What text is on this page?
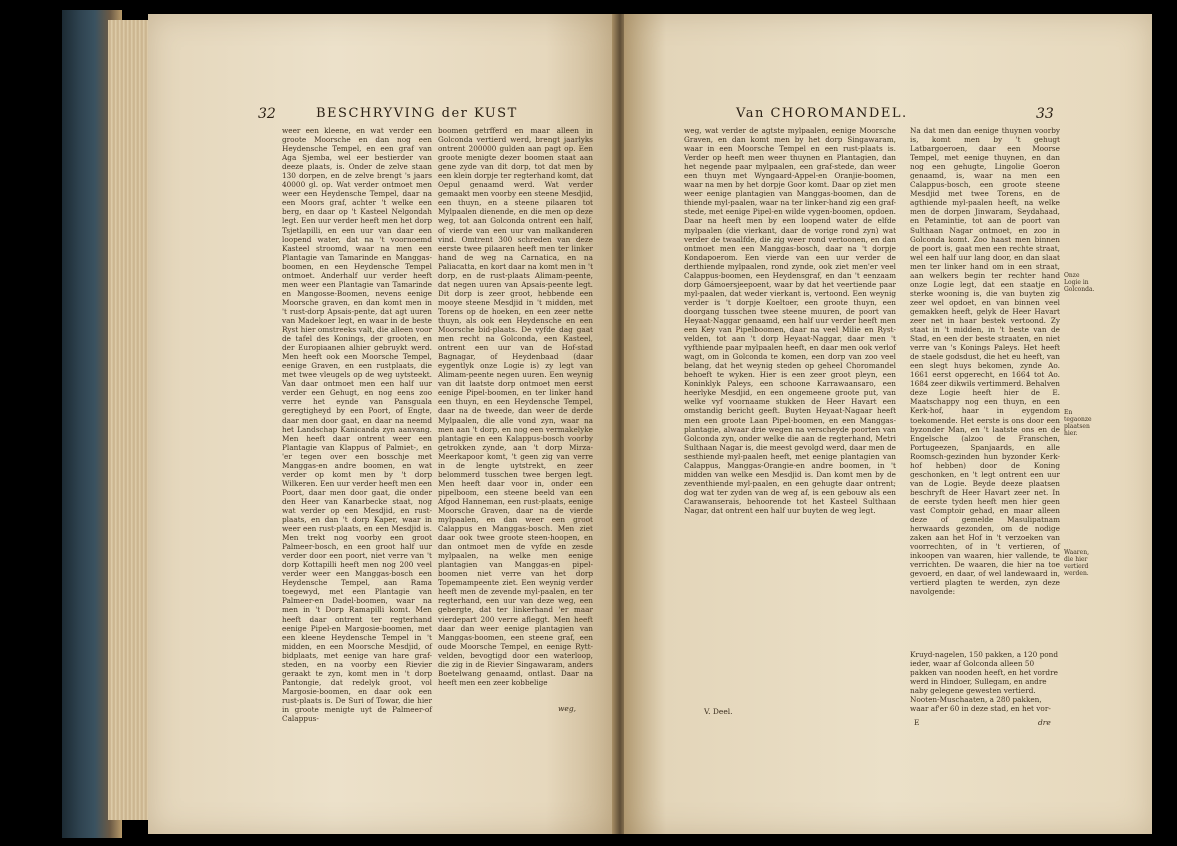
32	BESCHRYVING der KUST

weer een kleene, en wat verder een groote Moorsche en dan nog een Heydensche Tempel, en een graf van Aga Sjemba, wel eer bestierder van deeze plaats, is. Onder de zelve staan 130 dorpen, en de zelve brengt 's jaars 40000 gl. op. Wat verder ontmoet men weer een Heydensche Tempel, daar na een Moors graf, achter 't welke een berg, en daar op 't Kasteel Nelgondah legt. Een uur verder heeft men het dorp Tsjetlapilli, en een uur van daar een loopend water, dat na 't voornoemd Kasteel stroomd, waar na men een Plantagie van Tamarinde en Manggas-boomen, en een Heydensche Tempel ontmoet. Anderhalf uur verder heeft men weer een Plantagie van Tamarinde en Mangosse-Boomen, nevens eenige Moorsche graven, en dan komt men in 't rust-dorp Apsais-pente, dat agt uuren van Madekoer legt, en waar in de beste Ryst hier omstreeks valt, die alleen voor de tafel des Konings, der grooten, en der Europiaanen alhier gebruykt werd. Men heeft ook een Moorsche Tempel, eenige Graven, en een rustplaats, die met twee vleugels op de weg uytsteekt. Van daar ontmoet men een half uur verder een Gehugt, en nog eens zoo verre het eynde van Pansguala geregtigheyd by een Poort, of Engte, daar men door gaat, en daar na neemd het Landschap Kanicanda zyn aanvang. Men heeft daar ontrent weer een Plantagie van Klappus of Palmiet-, en 'er tegen over een bosschje met Manggas-en andre boomen, en wat verder op komt men by 't dorp Wilkeren. Een uur verder heeft men een Poort, daar men door gaat, die onder den Heer van Kanarbecke staat, nog wat verder op een Mesdjid, en rust-plaats, en dan 't dorp Kaper, waar in weer een rust-plaats, en een Mesdjid is. Men trekt nog voorby een groot Palmeer-bosch, en een groot half uur verder door een poort, niet verre van 't dorp Kottapilli heeft men nog 200 veel verder weer een Manggas-bosch een Heydensche Tempel, aan Rama toegewyd, met een Plantagie van Palmeer-en Dadel-boomen, waar na men in 't Dorp Ramapilli komt. Men heeft daar ontrent ter regterhand eenige Pipel-en Margosie-boomen, met een kleene Heydensche Tempel in 't midden, en een Moorsche Mesdjid, of bidplaats, met eenige van hare graf-steden, en na voorby een Rievier geraakt te zyn, komt men in 't dorp Pantongie, dat redelyk groot, vol Margosie-boomen, en daar ook een rust-plaats is. De Suri of Towar, die hier in groote menigte uyt de Palmeer-of Calappus-

boomen getrfferd en maar alleen in Golconda vertierd werd, brengt jaarlyks ontrent 200000 gulden aan pagt op. Een groote menigte dezer boomen staat aan gene zyde van dit dorp, tot dat men by een klein dorpje ter regterhand komt, dat Oepul genaamd werd. Wat verder gemaakt men voorby een steene Mesdjid, een thuyn, en a steene pilaaren tot Mylpaalen dienende, en die men op deze weg, tot aan Golconda ontrent een half, of vierde van een uur van malkanderen vind. Omtrent 300 schreden van deze eerste twee pilaaren heeft men ter linker hand de weg na Carnatica, en na Paliacatta, en kort daar na komt men in 't dorp, en de rust-plaats Alimam-peente, dat negen uuren van Apsais-peente legt. Dit dorp is zeer groot, hebbende een mooye steene Mesdjid in 't midden, met Torens op de hoeken, en een zeer nette thuyn, als ook een Heydensche en een Moorsche bid-plaats. De vyfde dag gaat men recht na Golconda, een Kasteel, ontrent een uur van de Hof-stad Bagnagar, of Heydenbaad (daar eygentlyk onze Logie is) zy legt van Alimam-peente negen uuren. Een weynig van dit laatste dorp ontmoet men eerst eenige Pipel-boomen, en ter linker hand een thuyn, en een Heydensche Tempel, daar na de tweede, dan weer de derde Mylpaalen, die alle vond zyn, waar na men aan 't dorp, en nog een vermakelyke plantagie en een Kalappus-bosch voorby getrokken zynde, aan 't dorp Mirza-Meerkapoor komt, 't geen zig van verre in de lengte uytstrekt, en zeer belommerd tusschen twee bergen legt. Men heeft daar voor in, onder een pipelboom, een steene beeld van een Afgod Hanneman, een rust-plaats, eenige Moorsche Graven, daar na de vierde mylpaalen, en dan weer een groot Calappus en Manggas-bosch. Men ziet daar ook twee groote steen-hoopen, en dan ontmoet men de vyfde en zesde mylpaalen, na welke men eenige plantagien van Manggas-en pipel-boomen niet verre van het dorp Topemampeente ziet. Een weynig verder heeft men de zevende myl-paalen, en ter regterhand, een uur van deze weg, een gebergte, dat ter linkerhand 'er maar vierdepart 200 verre afleggt. Men heeft daar dan weer eenige plantagien van Manggas-boomen, een steene graf, een oude Moorsche Tempel, en eenige Rytt-velden, bevogtigd door een waterloop, die zig in de Rievier Singawaram, anders Boetelwang genaamd, ontlast. Daar na heeft men een zeer kobbelige

weg,
Van CHOROMANDEL.	33

weg, wat verder de agtste mylpaalen, eenige Moorsche Graven, en dan komt men by het dorp Singawaram, waar in een Moorsche Tempel en een rust-plaats is. Verder op heeft men weer thuynen en Plantagien, dan het negende paar mylpaalen, een graf-stede, dan weer een thuyn met Wyngaard-Appel-en Oranjie-boomen, waar na men by het dorpje Goor komt. Daar op ziet men weer eenige plantagien van Manggas-boomen, dan de thiende myl-paalen, waar na ter linker-hand zig een graf-stede, met eenige Pipel-en wilde vygen-boomen, opdoen. Daar na heeft men by een loopend water de elfde mylpaalen (die vierkant, daar de vorige rond zyn) wat verder de twaalfde, die zig weer rond vertoonen, en dan ontmoet men een Manggas-bosch, daar na 't dorpje Kondapoerom. Een vierde van een uur verder de derthiende mylpaalen, rond zynde, ook ziet men'er veel Calappus-boomen, een Heydensgraf, en dan 't eenzaam dorp Gámoersjeepoent, waar by dat het veertiende paar myl-paalen, dat weder vierkant is, vertoond. Een weynig verder is 't dorpje Koeltoer, een groote thuyn, een doorgang tusschen twee steene muuren, de poort van Heyaat-Naggar genaamd, een half uur verder heeft men een Key van Pipelboomen, daar na veel Milie en Ryst-velden, tot aan 't dorp Heyaat-Naggar, daar men 't vyfthiende paar mylpaalen heeft, en daar men ook verlof wagt, om in Golconda te komen, een dorp van zoo veel belang, dat het weynig steden op geheel Choromandel behoeft te wyken. Hier is een zeer groot pleyn, een Koninklyk Paleys, een schoone Karrawaansaro, een heerlyke Mesdjid, en een ongemeene groote put, van welke vyf voornaame stukken de Heer Havart een omstandig bericht geeft. Buyten Heyaat-Nagaar heeft men een groote Laan Pipel-boomen, en een Manggas-plantagie, alwaar drie wegen na verscheyde poorten van Golconda zyn, onder welke die aan de regterhand, Metri Sulthaan Nagar is, die meest gevolgd werd, daar men de sesthiende myl-paalen heeft, met eenige plantagien van Calappus, Manggas-Orangie-en andre boomen, in 't midden van welke een Mesdjid is. Dan komt men by de zeventhiende myl-paalen, en een gehugte daar ontrent; dog wat ter zyden van de weg af, is een gebouw als een Carawanserais, behoorende tot het Kasteel Sulthaan Nagar, dat ontrent een half uur buyten de weg legt.

Na dat men dan eenige thuynen voorby is, komt men by 't gehugt Latbargoeroen, daar een Moorse Tempel, met eenige thuynen, en dan nog een gehugte, Lingolie Goeron genaamd, is, waar na men een Calappus-bosch, een groote steene Mesdjid met twee Torens, en de agthiende myl-paalen heeft, na welke men de dorpen Jinwaram, Seydahaad, en Petamintie, tot aan de poort van Sulthaan Nagar ontmoet, en zoo in Golconda komt. Zoo haast men binnen de poort is, gaat men een rechte straat, wel een half uur lang door, en dan slaat men ter linker hand om in een straat, aan welkers begin ter rechter hand onze Logie legt, dat een staatje en sterke wooning is, die van buyten zig zeer wel opdoet, en van binnen veel gemakken heeft, gelyk de Heer Havart zeer net in haar bestek vertoond. Zy staat in 't midden, in 't beste van de Stad, en een der beste straaten, en niet verre van 's Konings Paleys. Het heeft de staele godsdust, die het eu heeft, van een slegt huys bekomen, zynde Ao. 1661 eerst opgerecht, en 1664 tot Ao. 1684 zeer dikwils vertimmerd. Behalven deze Logie heeft hier de E. Maatschappy nog een thuyn, en een Kerk-hof, haar in eygendom toekomende. Het eerste is ons door een byzonder Man, en 't laatste ons en de Engelsche (alzoo de Franschen, Portugeezen, Spanjaards, en alle Roomsch-gezinden hun byzonder Kerk-hof hebben) door de Koning geschonken, en 't legt ontrent een uur van de Logie. Beyde deeze plaatsen beschryft de Heer Havart zeer net. In de eerste tyden heeft men hier geen vast Comptoir gehad, en maar alleen deze of gemelde Masulipatnam herwaards gezonden, om de nodige zaken aan het Hof in 't verzoeken van voorrechten, of in 't vertieren, of inkoopen van waaren, hier vallende, te verrichten. De waaren, die hier na toe gevoerd, en daar, of wel landewaard in, vertierd plagten te werden, zyn deze navolgende:

Onze Logie in Golconda.
En tegaonze plaatsen hier.
Waaren, die hier vertierd werden.

Kruyd-nagelen, 150 pakken, a 120 pond ieder, waar af Golconda alleen 50 pakken van nooden heeft, en het vordre werd in Hindoer, Sullegam, en andre naby gelegene gewesten vertierd.

Nooten-Muschaaten, a 280 pakken, waar af'er 60 in deze stad, en het vor-

V. Deel.
E	dre
